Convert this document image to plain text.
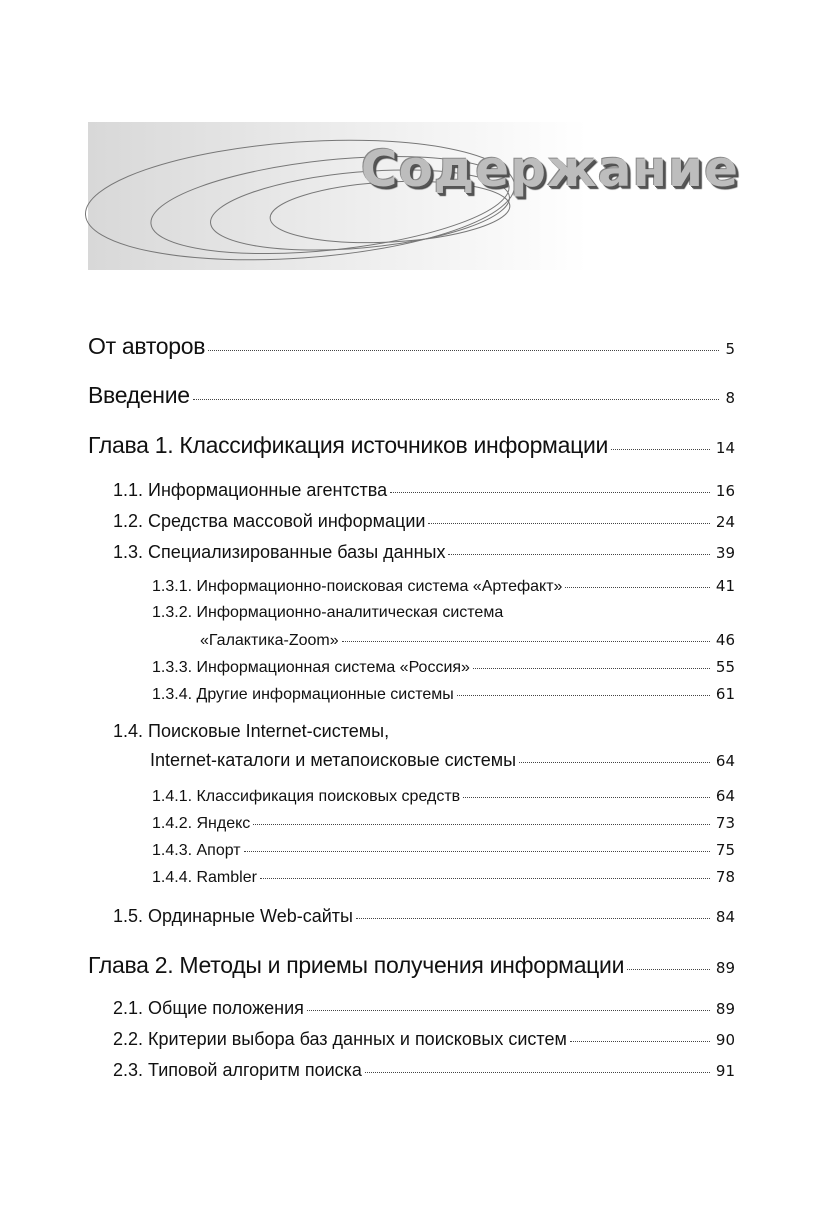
Содержание
От авторов	5
Введение	8
Глава 1. Классификация источников информации	14
1.1. Информационные агентства	16
1.2. Средства массовой информации	24
1.3. Специализированные базы данных	39
1.3.1. Информационно-поисковая система «Артефакт»	41
1.3.2. Информационно-аналитическая система
«Галактика-Zoom»	46
1.3.3. Информационная система «Россия»	55
1.3.4. Другие информационные системы	61
1.4. Поисковые Internet-системы,
Internet-каталоги и метапоисковые системы	64
1.4.1. Классификация поисковых средств	64
1.4.2. Яндекс	73
1.4.3. Апорт	75
1.4.4. Rambler	78
1.5. Ординарные Web-сайты	84
Глава 2. Методы и приемы получения информации	89
2.1. Общие положения	89
2.2. Критерии выбора баз данных и поисковых систем	90
2.3. Типовой алгоритм поиска	91
